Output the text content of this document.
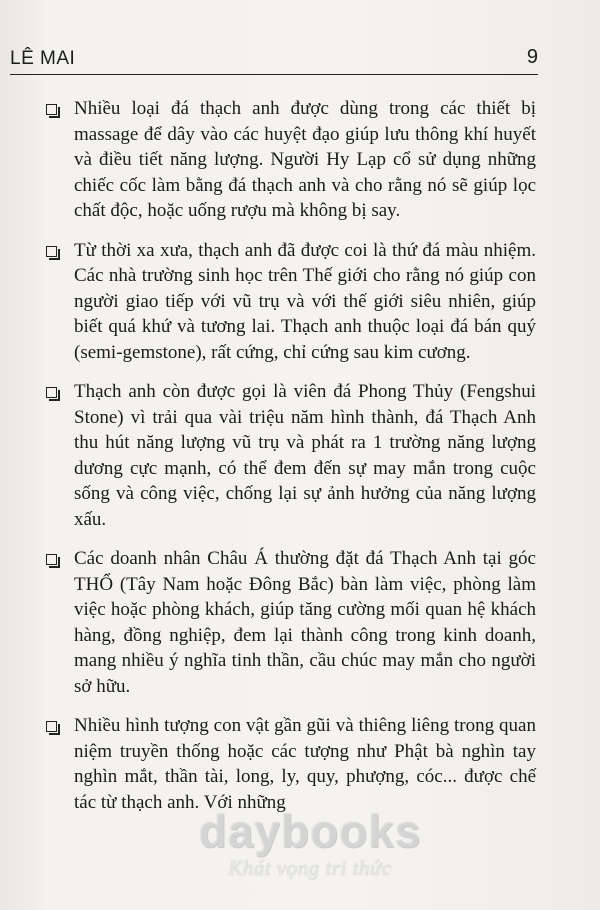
LÊ MAI	9

Nhiều loại đá thạch anh được dùng trong các thiết bị massage để dây vào các huyệt đạo giúp lưu thông khí huyết và điều tiết năng lượng. Người Hy Lạp cổ sử dụng những chiếc cốc làm bằng đá thạch anh và cho rằng nó sẽ giúp lọc chất độc, hoặc uống rượu mà không bị say.

Từ thời xa xưa, thạch anh đã được coi là thứ đá màu nhiệm. Các nhà trường sinh học trên Thế giới cho rằng nó giúp con người giao tiếp với vũ trụ và với thế giới siêu nhiên, giúp biết quá khứ và tương lai. Thạch anh thuộc loại đá bán quý (semi-gemstone), rất cứng, chỉ cứng sau kim cương.

Thạch anh còn được gọi là viên đá Phong Thủy (Fengshui Stone) vì trải qua vài triệu năm hình thành, đá Thạch Anh thu hút năng lượng vũ trụ và phát ra 1 trường năng lượng dương cực mạnh, có thể đem đến sự may mắn trong cuộc sống và công việc, chống lại sự ảnh hưởng của năng lượng xấu.

Các doanh nhân Châu Á thường đặt đá Thạch Anh tại góc THỔ (Tây Nam hoặc Đông Bắc) bàn làm việc, phòng làm việc hoặc phòng khách, giúp tăng cường mối quan hệ khách hàng, đồng nghiệp, đem lại thành công trong kinh doanh, mang nhiều ý nghĩa tinh thần, cầu chúc may mắn cho người sở hữu.

Nhiều hình tượng con vật gần gũi và thiêng liêng trong quan niệm truyền thống hoặc các tượng như Phật bà nghìn tay nghìn mắt, thần tài, long, ly, quy, phượng, cóc... được chế tác từ thạch anh. Với những

daybooks
Khát vọng tri thức
